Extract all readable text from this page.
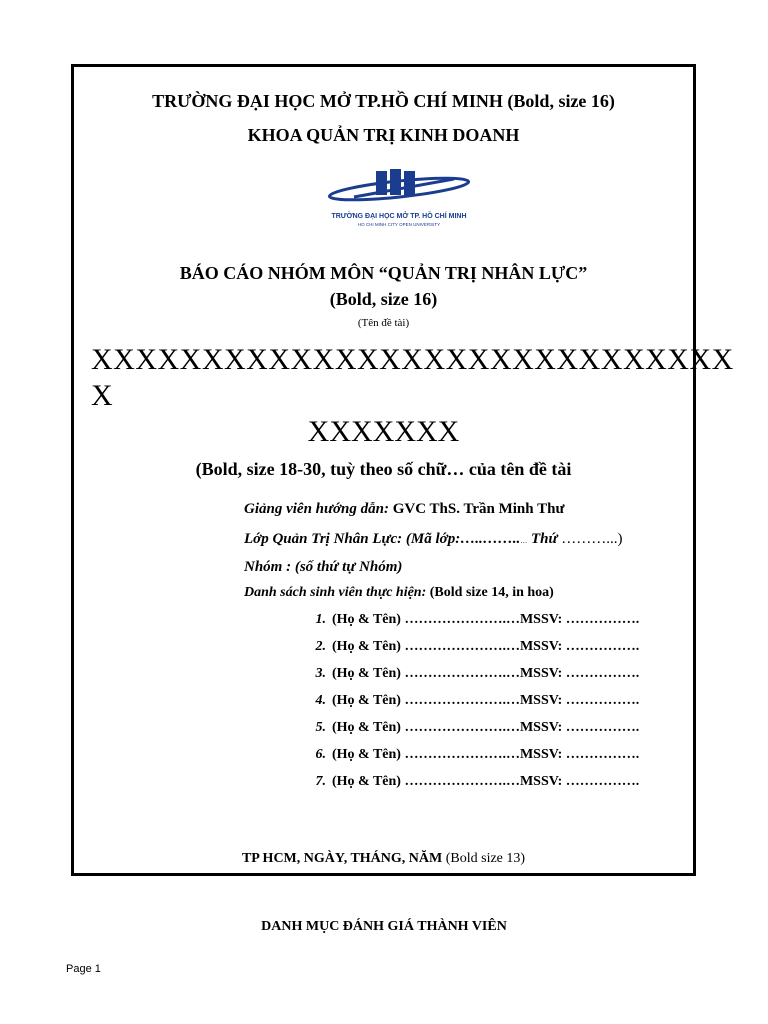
TRƯỜNG ĐẠI HỌC MỞ TP.HỒ CHÍ MINH (Bold, size 16)
KHOA QUẢN TRỊ KINH DOANH
TRƯỜNG ĐẠI HỌC MỞ TP. HỒ CHÍ MINH
HO CHI MINH CITY OPEN UNIVERSITY
BÁO CÁO NHÓM MÔN “QUẢN TRỊ NHÂN LỰC”
(Bold, size 16)
(Tên đề tài)
XXXXXXXXXXXXXXXXXXXXXXXXXXXXX
X
XXXXXXX
(Bold, size 18-30, tuỳ theo số chữ… của tên đề tài
Giảng viên hướng dẫn: GVC ThS. Trần Minh Thư
Lớp Quản Trị Nhân Lực: (Mã lớp:…..……..… Thứ ………...)
Nhóm : (số thứ tự Nhóm)
Danh sách sinh viên thực hiện: (Bold size 14, in hoa)
1. (Họ & Tên) ………………….…MSSV: …………….
2. (Họ & Tên) ………………….…MSSV: …………….
3. (Họ & Tên) ………………….…MSSV: …………….
4. (Họ & Tên) ………………….…MSSV: …………….
5. (Họ & Tên) ………………….…MSSV: …………….
6. (Họ & Tên) ………………….…MSSV: …………….
7. (Họ & Tên) ………………….…MSSV: …………….
TP HCM, NGÀY, THÁNG, NĂM (Bold size 13)
DANH MỤC ĐÁNH GIÁ THÀNH VIÊN
Page 1
